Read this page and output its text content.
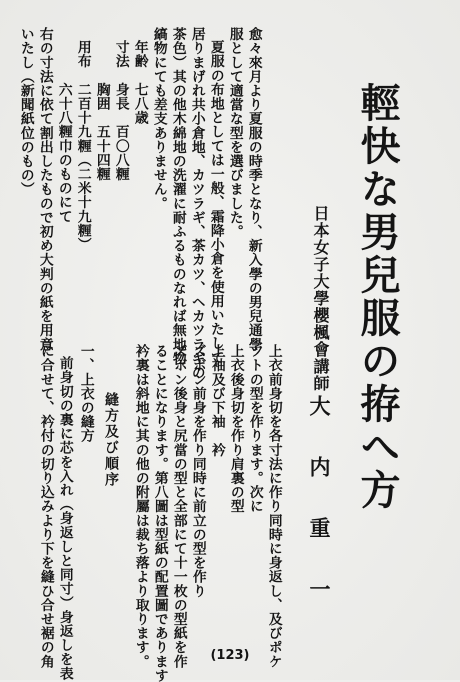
輕快な男兒服の拵へ方
日本女子大學櫻楓會講師
大内重一
愈々來月より夏服の時季となり、新入學の男兒通學
服として適當な型を選びました。
夏服の布地としては一般、霜降小倉を使用いたして
居りまげれ共小倉地、カツラギ、茶カツ、ヘカツラギの
茶色）其の他木綿地の洗濯に耐ふるものなれば無地物
縞物にても差支ありません。
年齢　七八歳
寸法　身長　百〇八糎
　　　胸囲　五十四糎
用布　二百十九糎（二米十九糎）
　　　六十八糎巾のものにて
右の寸法に依て割出したもので初め大判の紙を用意
いたし（新聞紙位のもの）
上衣前身切を各寸法に作り同時に身返し、及びポケ
ツトの型を作ります。次に
上衣後身切を作り肩裏の型
上袖及び下袖　衿
ズボン前身を作り同時に前立の型を作り
ズボン後身と尻當の型と全部にて十一枚の型紙を作
ることになります。第八圖は型紙の配置圖であります
衿裏は斜地に其の他の附屬は裁ち落より取ります。
縫方及び順序
一、上衣の縫方
前身切の裏に芯を入れ（身返しと同寸）身返しを表
に合せて、衿付の切り込みより下を縫ひ合せ裾の角	(123)
